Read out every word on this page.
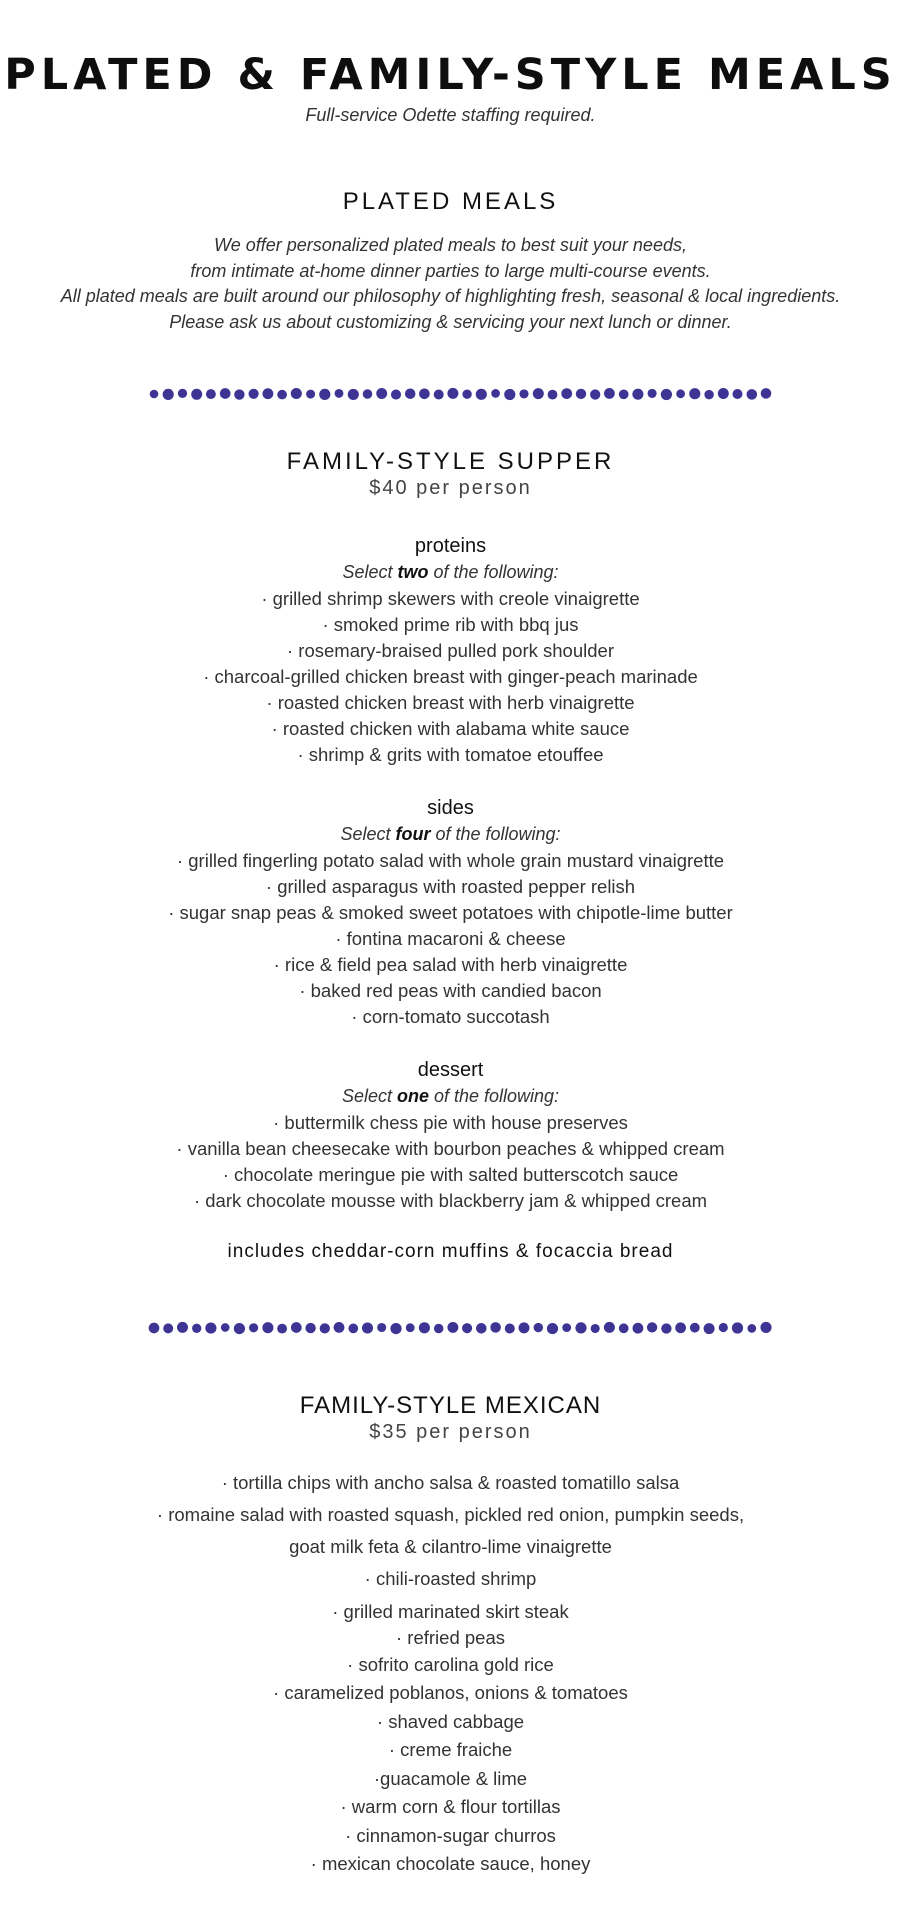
PLATED & FAMILY-STYLE MEALS
Full-service Odette staffing required.
PLATED MEALS
We offer personalized plated meals to best suit your needs,
from intimate at-home dinner parties to large multi-course events.
All plated meals are built around our philosophy of highlighting fresh, seasonal & local ingredients.
Please ask us about customizing & servicing your next lunch or dinner.
FAMILY-STYLE SUPPER
$40 per person
proteins
Select two of the following:
· grilled shrimp skewers with creole vinaigrette
· smoked prime rib with bbq jus
· rosemary-braised pulled pork shoulder
· charcoal-grilled chicken breast with ginger-peach marinade
· roasted chicken breast with herb vinaigrette
· roasted chicken with alabama white sauce
· shrimp & grits with tomatoe etouffee
sides
Select four of the following:
· grilled fingerling potato salad with whole grain mustard vinaigrette
· grilled asparagus with roasted pepper relish
· sugar snap peas & smoked sweet potatoes with chipotle-lime butter
· fontina macaroni & cheese
· rice & field pea salad with herb vinaigrette
· baked red peas with candied bacon
· corn-tomato succotash
dessert
Select one of the following:
· buttermilk chess pie with house preserves
· vanilla bean cheesecake with bourbon peaches & whipped cream
· chocolate meringue pie with salted butterscotch sauce
· dark chocolate mousse with blackberry jam & whipped cream
includes cheddar-corn muffins & focaccia bread
FAMILY-STYLE MEXICAN
$35 per person
· tortilla chips with ancho salsa & roasted tomatillo salsa
· romaine salad with roasted squash, pickled red onion, pumpkin seeds,
goat milk feta & cilantro-lime vinaigrette
· chili-roasted shrimp
· grilled marinated skirt steak
· refried peas
· sofrito carolina gold rice
· caramelized poblanos, onions & tomatoes
· shaved cabbage
· creme fraiche
·guacamole & lime
· warm corn & flour tortillas
· cinnamon-sugar churros
· mexican chocolate sauce, honey
